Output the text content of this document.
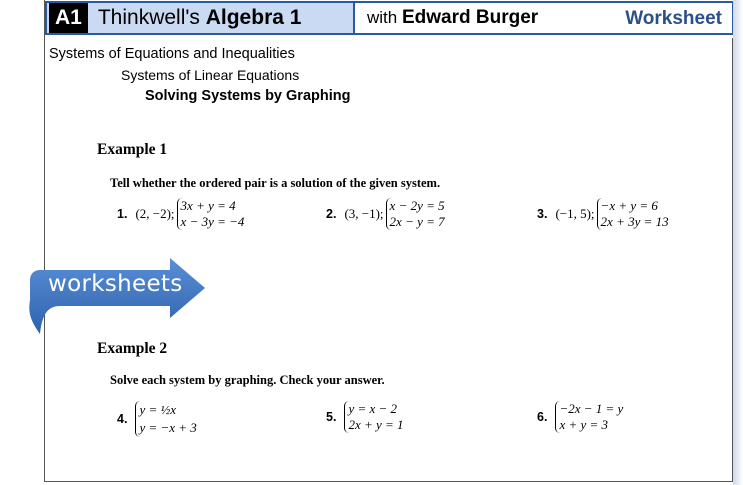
A1 Thinkwell's Algebra 1	with Edward Burger	Worksheet
Systems of Equations and Inequalities
Systems of Linear Equations
Solving Systems by Graphing
Example 1
Tell whether the ordered pair is a solution of the given system.
1. (2, −2);
3x + y = 4
x − 3y = −4	2. (3, −1);
x − 2y = 5
2x − y = 7	3. (−1, 5);
−x + y = 6
2x + 3y = 13
Example 2
Solve each system by graphing. Check your answer.
4.
y = ½x
y = −x + 3
5.
y = x − 2
2x + y = 1	6.
−2x − 1 = y
x + y = 3
worksheets
